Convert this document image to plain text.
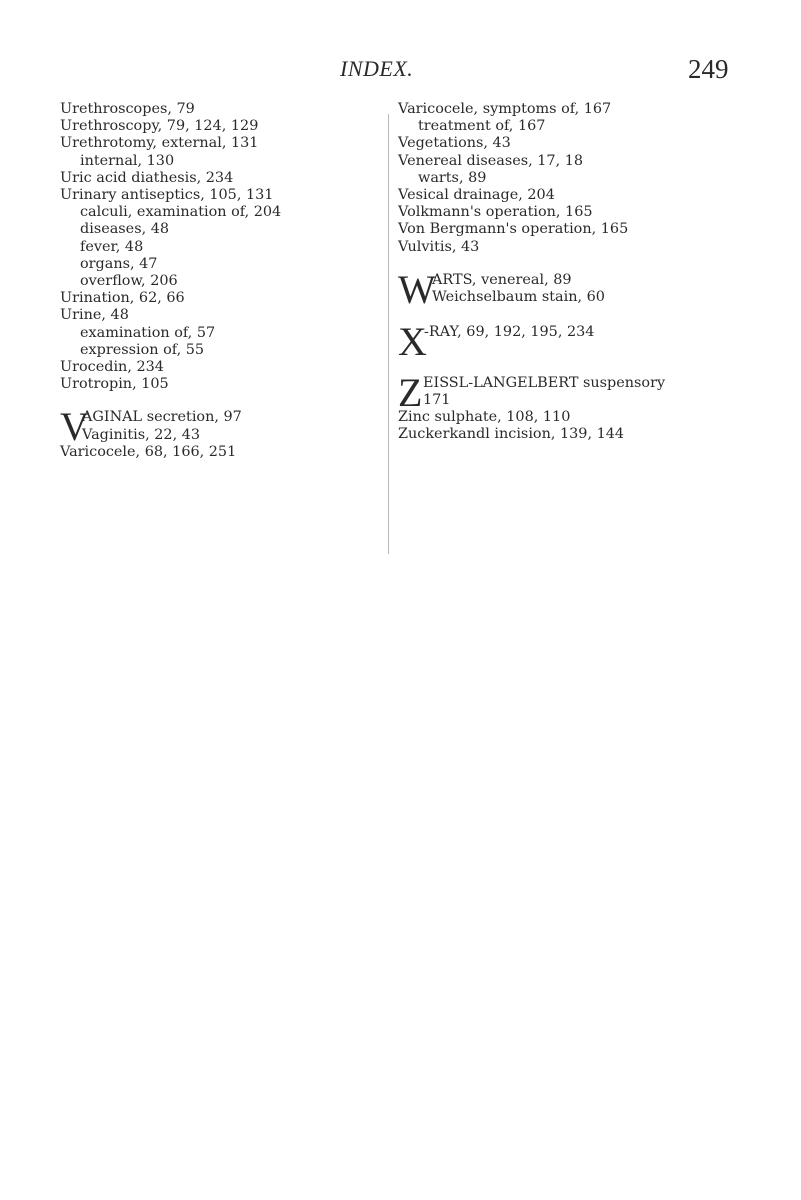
INDEX.	249
Urethroscopes, 79
Urethroscopy, 79, 124, 129
Urethrotomy, external, 131
internal, 130
Uric acid diathesis, 234
Urinary antiseptics, 105, 131
calculi, examination of, 204
diseases, 48
fever, 48
organs, 47
overflow, 206
Urination, 62, 66
Urine, 48
examination of, 57
expression of, 55
Urocedin, 234
Urotropin, 105
V
AGINAL secretion, 97
Vaginitis, 22, 43
Varicocele, 68, 166, 251
Varicocele, symptoms of, 167
treatment of, 167
Vegetations, 43
Venereal diseases, 17, 18
warts, 89
Vesical drainage, 204
Volkmann's operation, 165
Von Bergmann's operation, 165
Vulvitis, 43
W
ARTS, venereal, 89
Weichselbaum stain, 60
X
-RAY, 69, 192, 195, 234

Z EISSL-LANGELBERT suspensory
171
Zinc sulphate, 108, 110
Zuckerkandl incision, 139, 144
